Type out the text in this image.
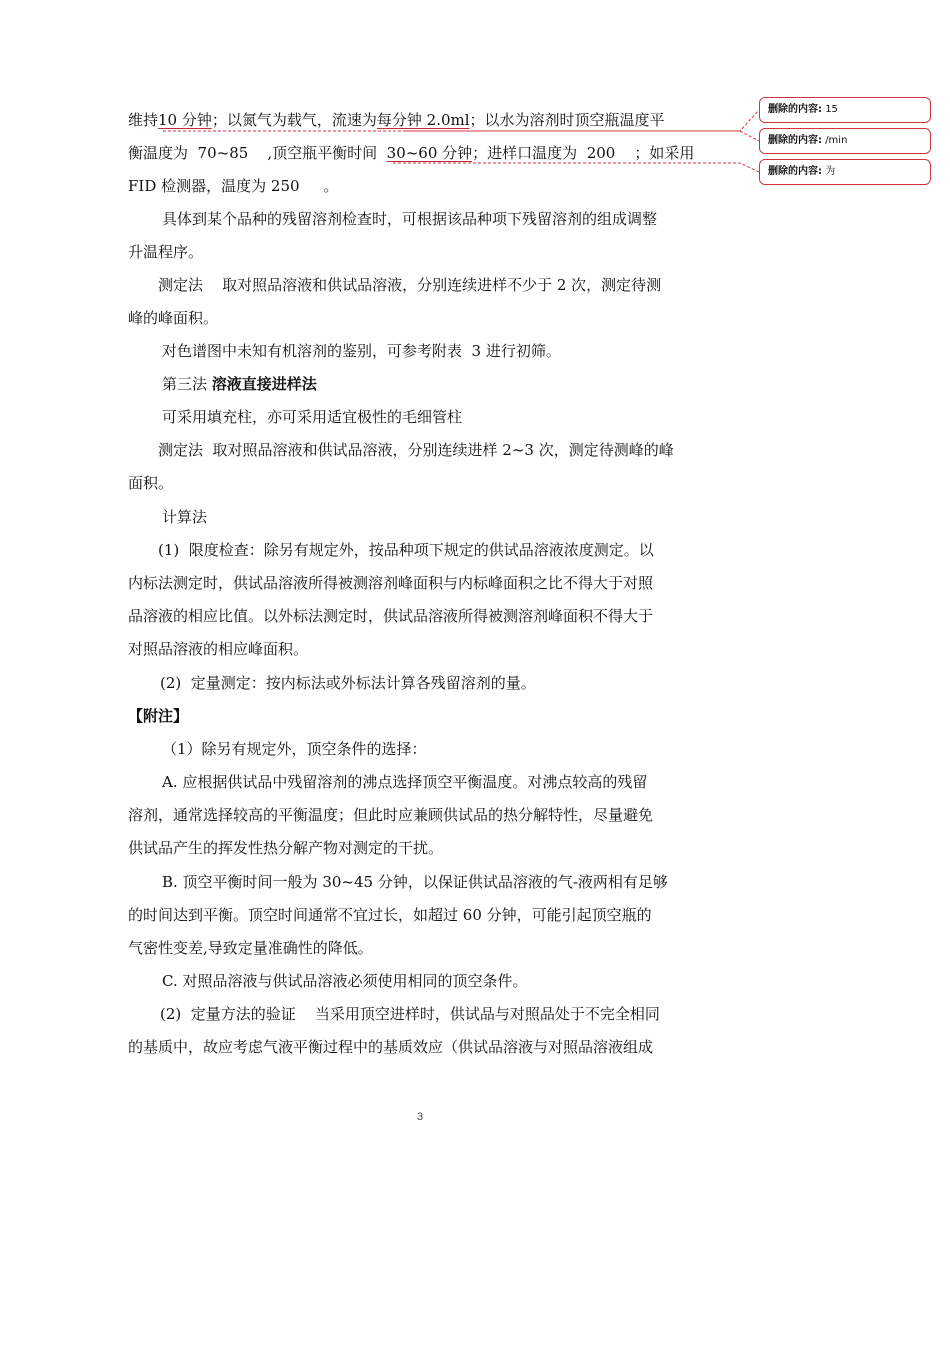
维持10 分钟；以氮气为载气，流速为每分钟 2.0ml；以水为溶剂时顶空瓶温度平
衡温度为  70~85    ,顶空瓶平衡时间  30~60 分钟；进样口温度为  200    ；如采用
FID 检测器，温度为 250     。
具体到某个品种的残留溶剂检查时，可根据该品种项下残留溶剂的组成调整
升温程序。
测定法    取对照品溶液和供试品溶液，分别连续进样不少于 2 次，测定待测
峰的峰面积。
对色谱图中未知有机溶剂的鉴别，可参考附表  3 进行初筛。
第三法 溶液直接进样法
可采用填充柱，亦可采用适宜极性的毛细管柱
测定法  取对照品溶液和供试品溶液，分别连续进样 2~3 次，测定待测峰的峰
面积。
计算法
(1)  限度检查：除另有规定外，按品种项下规定的供试品溶液浓度测定。以
内标法测定时，供试品溶液所得被测溶剂峰面积与内标峰面积之比不得大于对照
品溶液的相应比值。以外标法测定时，供试品溶液所得被测溶剂峰面积不得大于
对照品溶液的相应峰面积。
(2)  定量测定：按内标法或外标法计算各残留溶剂的量。
【附注】
（1）除另有规定外，顶空条件的选择：
A. 应根据供试品中残留溶剂的沸点选择顶空平衡温度。对沸点较高的残留
溶剂，通常选择较高的平衡温度；但此时应兼顾供试品的热分解特性，尽量避免
供试品产生的挥发性热分解产物对测定的干扰。
B. 顶空平衡时间一般为 30~45 分钟，以保证供试品溶液的气-液两相有足够
的时间达到平衡。顶空时间通常不宜过长，如超过 60 分钟，可能引起顶空瓶的
气密性变差,导致定量准确性的降低。
C. 对照品溶液与供试品溶液必须使用相同的顶空条件。
(2)  定量方法的验证    当采用顶空进样时，供试品与对照品处于不完全相同
的基质中，故应考虑气液平衡过程中的基质效应（供试品溶液与对照品溶液组成
3
删除的内容: 15
删除的内容: /min
删除的内容: 为
